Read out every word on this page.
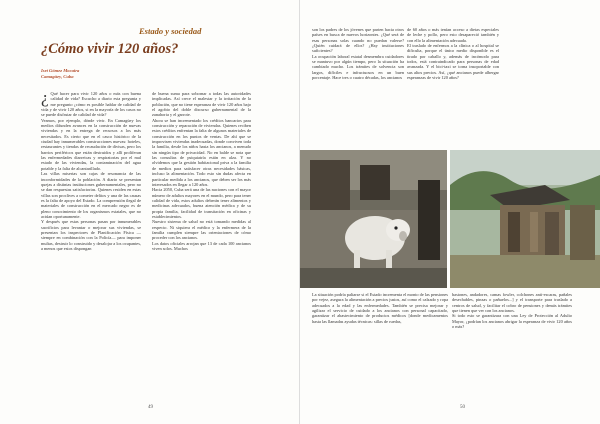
Estado y sociedad
¿Cómo vivir 120 años?
Iset Gómez Mocaira
Camagüey, Cuba
¿ Qué hacer para vivir 120 años o más con buena calidad de vida? Escucho a diario esta pregunta y me pregunto ¿cómo es posible hablar de calidad de vida y de vivir 120 años, si en la mayoría de los casos no se puede disfrutar de calidad de vida?

Veamos, por ejemplo, dónde vivir. En Camagüey los medios difunden avances en la construcción de nuevas viviendas y en la entrega de recursos a los más necesitados. Es cierto que en el casco histórico de la ciudad hay innumerables construcciones nuevas: hoteles, restaurantes y tiendas de recaudación de divisas, pero los barrios periféricos que están destruidos y allí proliferan las enfermedades diarreicas y respiratorias por el mal estado de las viviendas, la contaminación del agua potable y la falta de alcantarillado.

Las villas miserias son cajas de resonancia de las inconformidades de la población. A diario se presentan quejas a distintas instituciones gubernamentales, pero no se dan respuestas satisfactorias. Quienes residen en estas villas son proclives a cometer delitos y una de las causas es la falta de apoyo del Estado. La comprensión ilegal de materiales de construcción en el mercado negro es de pleno conocimiento de los organismos estatales, que no actúan oportunamente.

Y después que estas personas pasan por innumerables sacrificios para levantar o mejorar sus viviendas, se presentan los inspectores de Planificación Física —siempre en combinación con la Policía— para imponer multas, destruir lo construido y desalojar a los ocupantes, a menos que estos dispongan

de buena suma para sobornar a todas las autoridades implicadas. Así crece el malestar y la irritación de la población, que no tiene esperanza de vivir 120 años bajo el agobio del doble discurso gubernamental de la zanahoria y el garrote.

Ahora se han incrementado los créditos bancarios para construcción y reparación de viviendas. Quienes reciben estos créditos enfrentan la falta de algunos materiales de construcción en los puntos de ventas. De ahí que se improvisen viviendas inadecuadas, donde conviven toda la familia, desde los niños hasta los ancianos, a menudo sin ningún tipo de privacidad. No en balde se nota que las consultas de psiquiatría están en alza. Y no olvidemos que la gestión habitacional priva a la familia de medios para satisfacer otras necesidades básicas, incluso la alimentación. Todo esto sin dudas afecta en particular medida a los ancianos, que deben ser los más interesados en llegar a 120 años.

Hacia 2050, Cuba será una de las naciones con el mayor número de adultos mayores en el mundo, pero para tener calidad de vida, estos adultos deberán tener alimentos y medicinas adecuados, buena atención médica y de su propia familia, facilidad de transitación en oficinas y establecimientos.

Nuestro sistema de salud no está tomando medidas al respecto. Ni siquiera el médico y la enfermera de la familia cumplen siempre las orientaciones de cómo proceder con los ancianos.

Los datos oficiales arrojan que 13 de cada 100 ancianos viven solos. Muchos

49

son los padres de los jóvenes que parten hacia otros países en busca de nuevos horizontes. ¿Qué será de esas personas solas cuando no puedan valerse? ¿Quién cuidará de ellos? ¿Hay instituciones suficientes?

La ocupación laboral estatal desmembra cuidadores se mantuvo por algún tiempo, pero la situación ha cambiado mucho. Los trámites de solvencia son largos, difíciles e infructuosos en un buen porcentaje. Hace tres o cuatro décadas, los ancianos

de 60 años o más tenían acceso a dietas especiales de leche y pollo, pero esto desapareció también y con ello la alimentación adecuada.

El traslado de enfermos a la clínica o al hospital se dificulta, porque el único medio disponible es el tirado por caballo y, además de incómodo para todos, está contraindicado para personas de edad avanzada. Y el bici-taxi se torna insoportable con sus altos precios. Así, ¿qué ancianos puede albergar esperanzas de vivir 120 años?

La situación podría paliarse si el Estado incrementa el monto de las pensiones por vejez, asegura la alimentación a precios justos, así como el calzado y ropa adecuados a la edad y las enfermedades. También se precisa mejorar y agilizar el servicio de cuidado a los ancianos con personal capacitado, garantizar el abastecimiento de productos médicos [donde medicamentos hasta las llamadas ayudas técnicas: sillas de ruedas,

bastones, andadores, camas fowler, colchones anti-escaras, pañales desechables, pinzas o pañuelos...] y el transporte para traslado a centros de salud, y facilitar el cobro de pensiones y demás trámites que tienen que ver con los ancianos.

Si todo esto se garantizara con una Ley de Protección al Adulto Mayor, ¿podrían los ancianos abrigar la esperanza de vivir 120 años o más?

50
